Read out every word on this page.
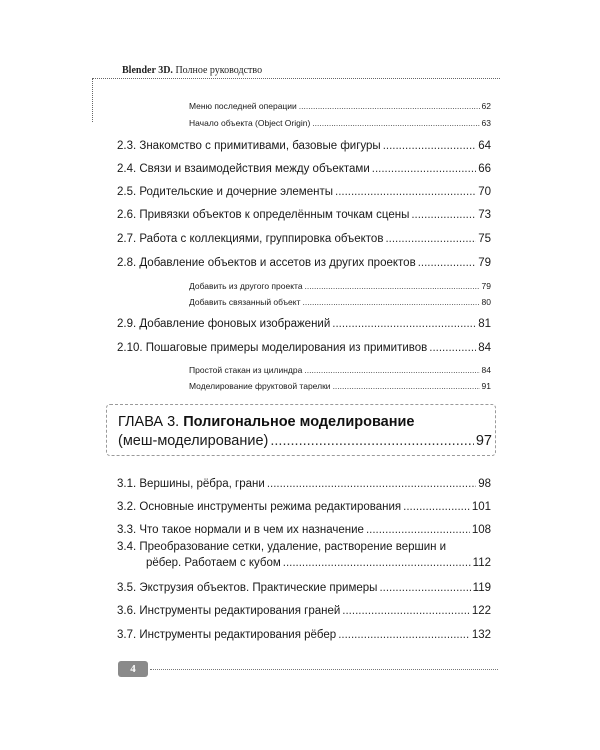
Blender 3D. Полное руководство
Меню последней операции .....	62
Начало объекта (Object Origin) .....	63
2.3. Знакомство с примитивами, базовые фигуры .....	64
2.4. Связи и взаимодействия между объектами .....	66
2.5. Родительские и дочерние элементы .....	70
2.6. Привязки объектов к определённым точкам сцены .....	73
2.7. Работа с коллекциями, группировка объектов .....	75
2.8. Добавление объектов и ассетов из других проектов .....	79
Добавить из другого проекта .....	79
Добавить связанный объект .....	80
2.9. Добавление фоновых изображений .....	81
2.10. Пошаговые примеры моделирования из примитивов .....	84
Простой стакан из цилиндра .....	84
Моделирование фруктовой тарелки .....	91
ГЛАВА 3. Полигональное моделирование
(меш-моделирование) .....	97
3.1. Вершины, рёбра, грани .....	98
3.2. Основные инструменты режима редактирования .....	101
3.3. Что такое нормали и в чем их назначение .....	108
3.4. Преобразование сетки, удаление, растворение вершин и
рёбер. Работаем с кубом .....	112
3.5. Экструзия объектов. Практические примеры .....	119
3.6. Инструменты редактирования граней .....	122
3.7. Инструменты редактирования рёбер .....	132
4
